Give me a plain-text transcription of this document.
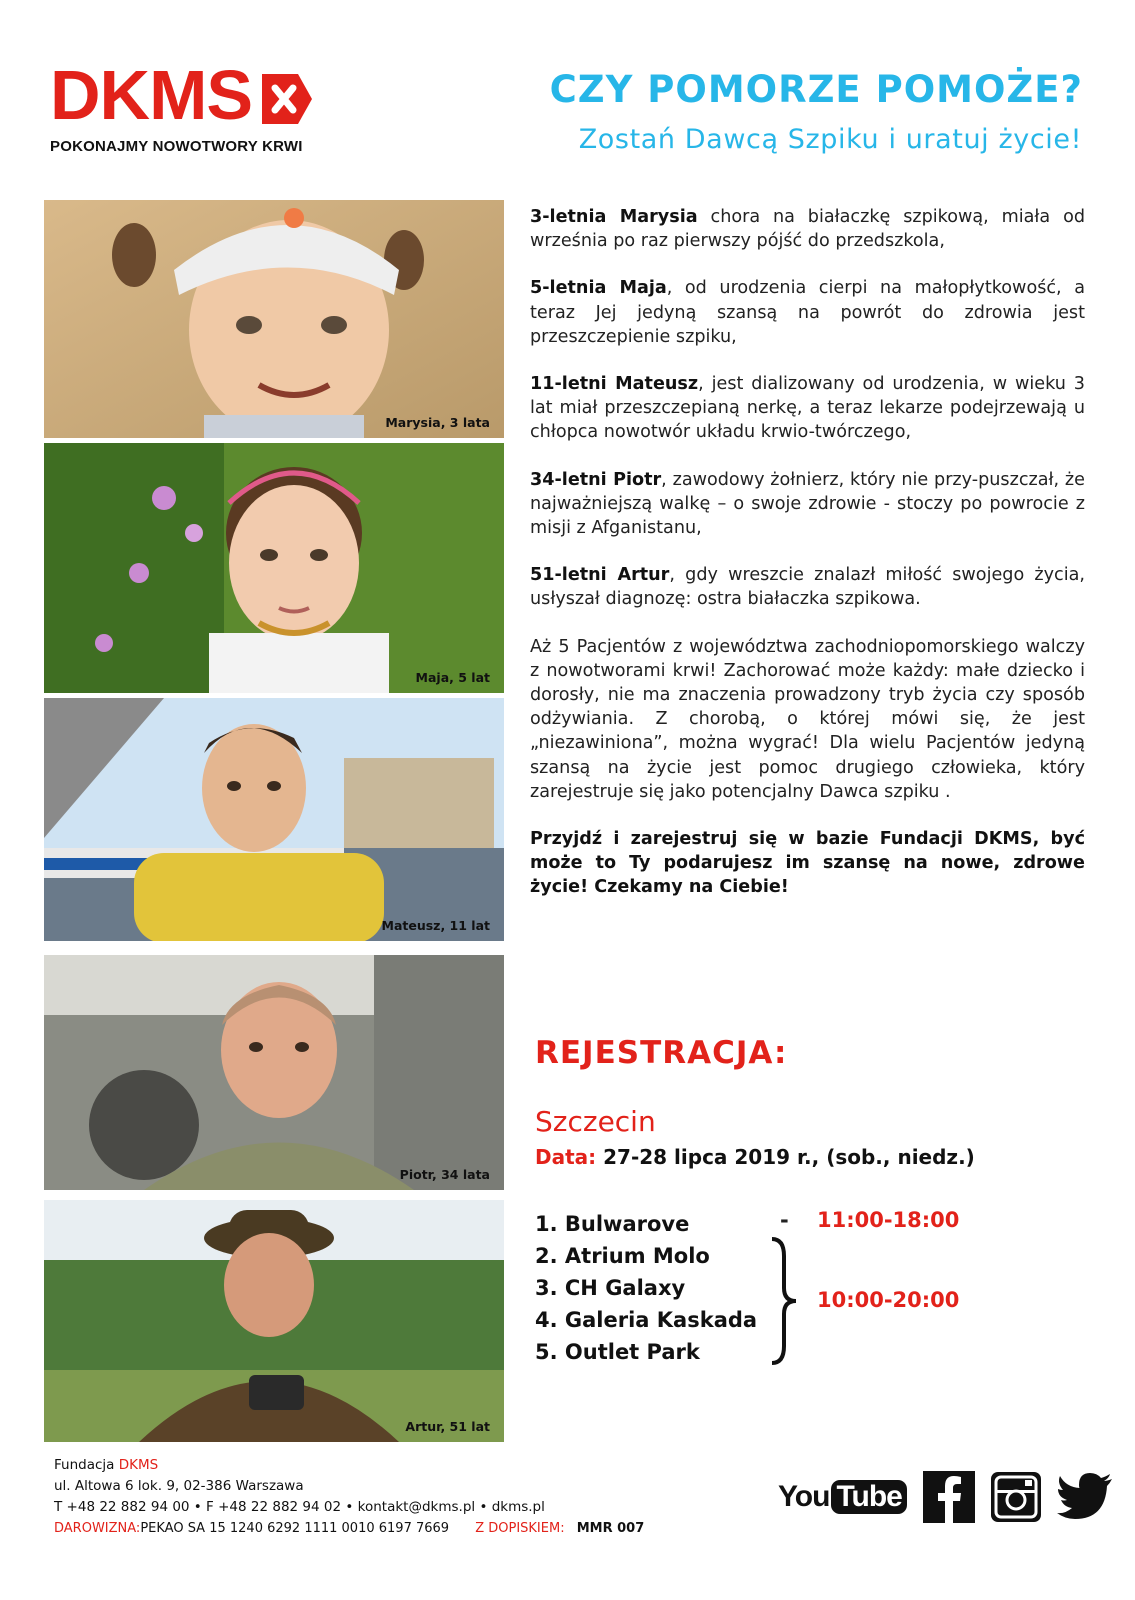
DKMS
POKONAJMY NOWOTWORY KRWI
CZY POMORZE POMOŻE?
Zostań Dawcą Szpiku i uratuj życie!
Marysia, 3 lata
Maja, 5 lat
Mateusz, 11 lat
Piotr, 34 lata
Artur, 51 lat

3-letnia Marysia chora na białaczkę szpikową, miała od września po raz pierwszy pójść do przedszkola,

5-letnia Maja, od urodzenia cierpi na małopłytkowość, a teraz Jej jedyną szansą na powrót do zdrowia jest przeszczepienie szpiku,

11-letni Mateusz, jest dializowany od urodzenia, w wieku 3 lat miał przeszczepianą nerkę, a teraz lekarze podejrzewają u chłopca nowotwór układu krwio-twórczego,

34-letni Piotr, zawodowy żołnierz, który nie przy-puszczał, że najważniejszą walkę – o swoje zdrowie - stoczy po powrocie z misji z Afganistanu,

51-letni Artur, gdy wreszcie znalazł miłość swojego życia, usłyszał diagnozę: ostra białaczka szpikowa.

Aż 5 Pacjentów z województwa zachodniopomorskiego walczy z nowotworami krwi! Zachorować może każdy: małe dziecko i dorosły, nie ma znaczenia prowadzony tryb życia czy sposób odżywiania. Z chorobą, o której mówi się, że jest „niezawiniona”, można wygrać! Dla wielu Pacjentów jedyną szansą na życie jest pomoc drugiego człowieka, który zarejestruje się jako potencjalny Dawca szpiku .

Przyjdź i zarejestruj się w bazie Fundacji DKMS, być może to Ty podarujesz im szansę na nowe, zdrowe życie! Czekamy na Ciebie!

REJESTRACJA:
Szczecin
Data: 27-28 lipca 2019 r., (sob., niedz.)
1. Bulwarove
2. Atrium Molo
3. CH Galaxy
4. Galeria Kaskada
5. Outlet Park
- 11:00-18:00
10:00-20:00
Fundacja DKMS
ul. Altowa 6 lok. 9, 02-386 Warszawa
T +48 22 882 94 00 • F +48 22 882 94 02 • kontakt@dkms.pl • dkms.pl
DAROWIZNA:PEKAO SA 15 1240 6292 1111 0010 6197 7669 Z DOPISKIEM: MMR 007
You Tube
